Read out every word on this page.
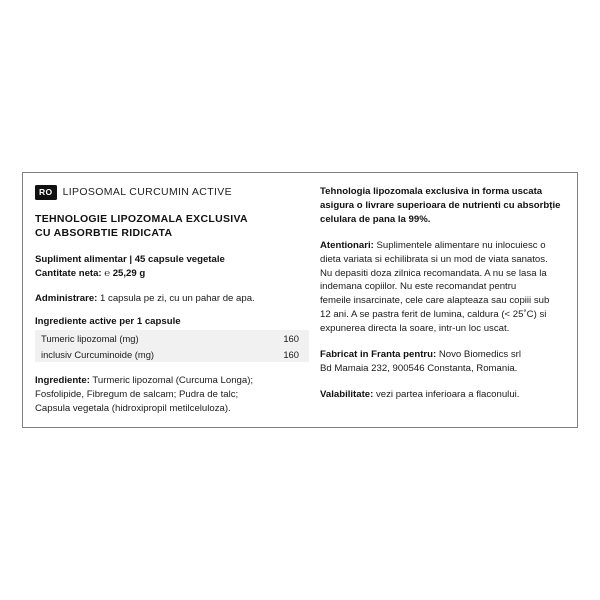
RO LIPOSOMAL CURCUMIN ACTIVE
TEHNOLOGIE LIPOZOMALA EXCLUSIVA
CU ABSORBTIE RIDICATA
Supliment alimentar | 45 capsule vegetale
Cantitate neta: ℮ 25,29 g
Administrare: 1 capsula pe zi, cu un pahar de apa.
Ingrediente active per 1 capsule
Tumeric lipozomal (mg)	160
inclusiv Curcuminoide (mg)	160
Ingrediente: Turmeric lipozomal (Curcuma Longa);
Fosfolipide, Fibregum de salcam; Pudra de talc;
Capsula vegetala (hidroxipropil metilceluloza).
Tehnologia lipozomala exclusiva in forma uscata
asigura o livrare superioara de nutrienti cu absorbție
celulara de pana la 99%.
Atentionari: Suplimentele alimentare nu inlocuiesc o
dieta variata si echilibrata si un mod de viata sanatos.
Nu depasiti doza zilnica recomandata. A nu se lasa la
indemana copiilor. Nu este recomandat pentru
femeile insarcinate, cele care alapteaza sau copiii sub
12 ani. A se pastra ferit de lumina, caldura (< 25˚C) si
expunerea directa la soare, intr-un loc uscat.
Fabricat in Franta pentru: Novo Biomedics srl
Bd Mamaia 232, 900546 Constanta, Romania.
Valabilitate: vezi partea inferioara a flaconului.
